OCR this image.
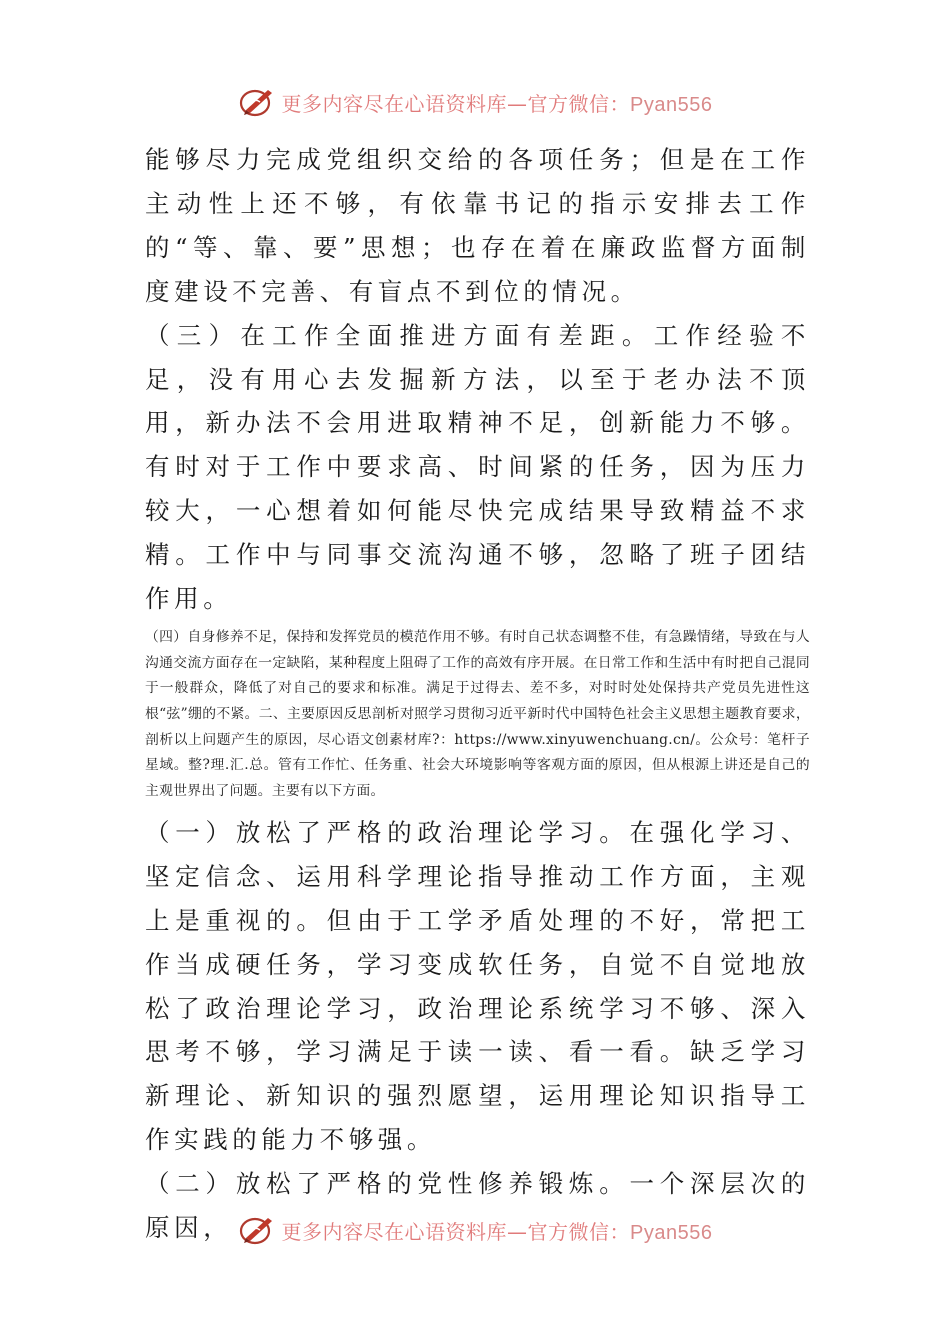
更多内容尽在心语资料库—官方微信：Pyan556

能够尽力完成党组织交给的各项任务；但是在工作主动性上还不够，有依靠书记的指示安排去工作的“等、靠、要”思想；也存在着在廉政监督方面制度建设不完善、有盲点不到位的情况。

（三）在工作全面推进方面有差距。工作经验不足，没有用心去发掘新方法，以至于老办法不顶用，新办法不会用进取精神不足，创新能力不够。有时对于工作中要求高、时间紧的任务，因为压力较大，一心想着如何能尽快完成结果导致精益不求精。工作中与同事交流沟通不够，忽略了班子团结作用。

（四）自身修养不足，保持和发挥党员的模范作用不够。有时自己状态调整不佳，有急躁情绪，导致在与人沟通交流方面存在一定缺陷，某种程度上阻碍了工作的高效有序开展。在日常工作和生活中有时把自己混同于一般群众，降低了对自己的要求和标准。满足于过得去、差不多，对时时处处保持共产党员先进性这根“弦”绷的不紧。二、主要原因反思剖析对照学习贯彻习近平新时代中国特色社会主义思想主题教育要求，剖析以上问题产生的原因，尽心语文创素材库?：https://www.xinyuwenchuang.cn/。公众号：笔杆子星域。整?理.汇.总。管有工作忙、任务重、社会大环境影响等客观方面的原因，但从根源上讲还是自己的主观世界出了问题。主要有以下方面。

（一）放松了严格的政治理论学习。在强化学习、坚定信念、运用科学理论指导推动工作方面，主观上是重视的。但由于工学矛盾处理的不好，常把工作当成硬任务，学习变成软任务，自觉不自觉地放松了政治理论学习，政治理论系统学习不够、深入思考不够，学习满足于读一读、看一看。缺乏学习新理论、新知识的强烈愿望，运用理论知识指导工作实践的能力不够强。

（二）放松了严格的党性修养锻炼。一个深层次的原因，	更多内容尽在心语资料库—官方微信：Pyan556
